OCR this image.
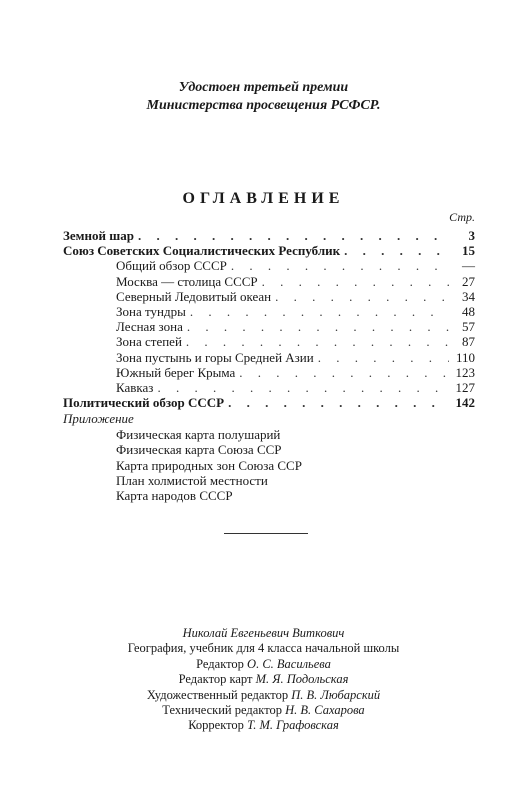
Удостоен третьей премии
Министерства просвещения РСФСР.
ОГЛАВЛЕНИЕ
Стр.
Земной шар . . .	3
Союз Советских Социалистических Республик . . .	15
Общий обзор СССР . . .	—
Москва — столица СССР . . .	27
Северный Ледовитый океан . . .	34
Зона тундры . . .	48
Лесная зона . . .	57
Зона степей . . .	87
Зона пустынь и горы Средней Азии . . .	110
Южный берег Крыма . . .	123
Кавказ . . .	127
Политический обзор СССР . . .	142
Приложение
Физическая карта полушарий
Физическая карта Союза ССР
Карта природных зон Союза ССР
План холмистой местности
Карта народов СССР
Николай Евгеньевич Виткович
География, учебник для 4 класса начальной школы
Редактор О. С. Васильева
Редактор карт М. Я. Подольская
Художественный редактор П. В. Любарский
Технический редактор Н. В. Сахарова
Корректор Т. М. Графовская
